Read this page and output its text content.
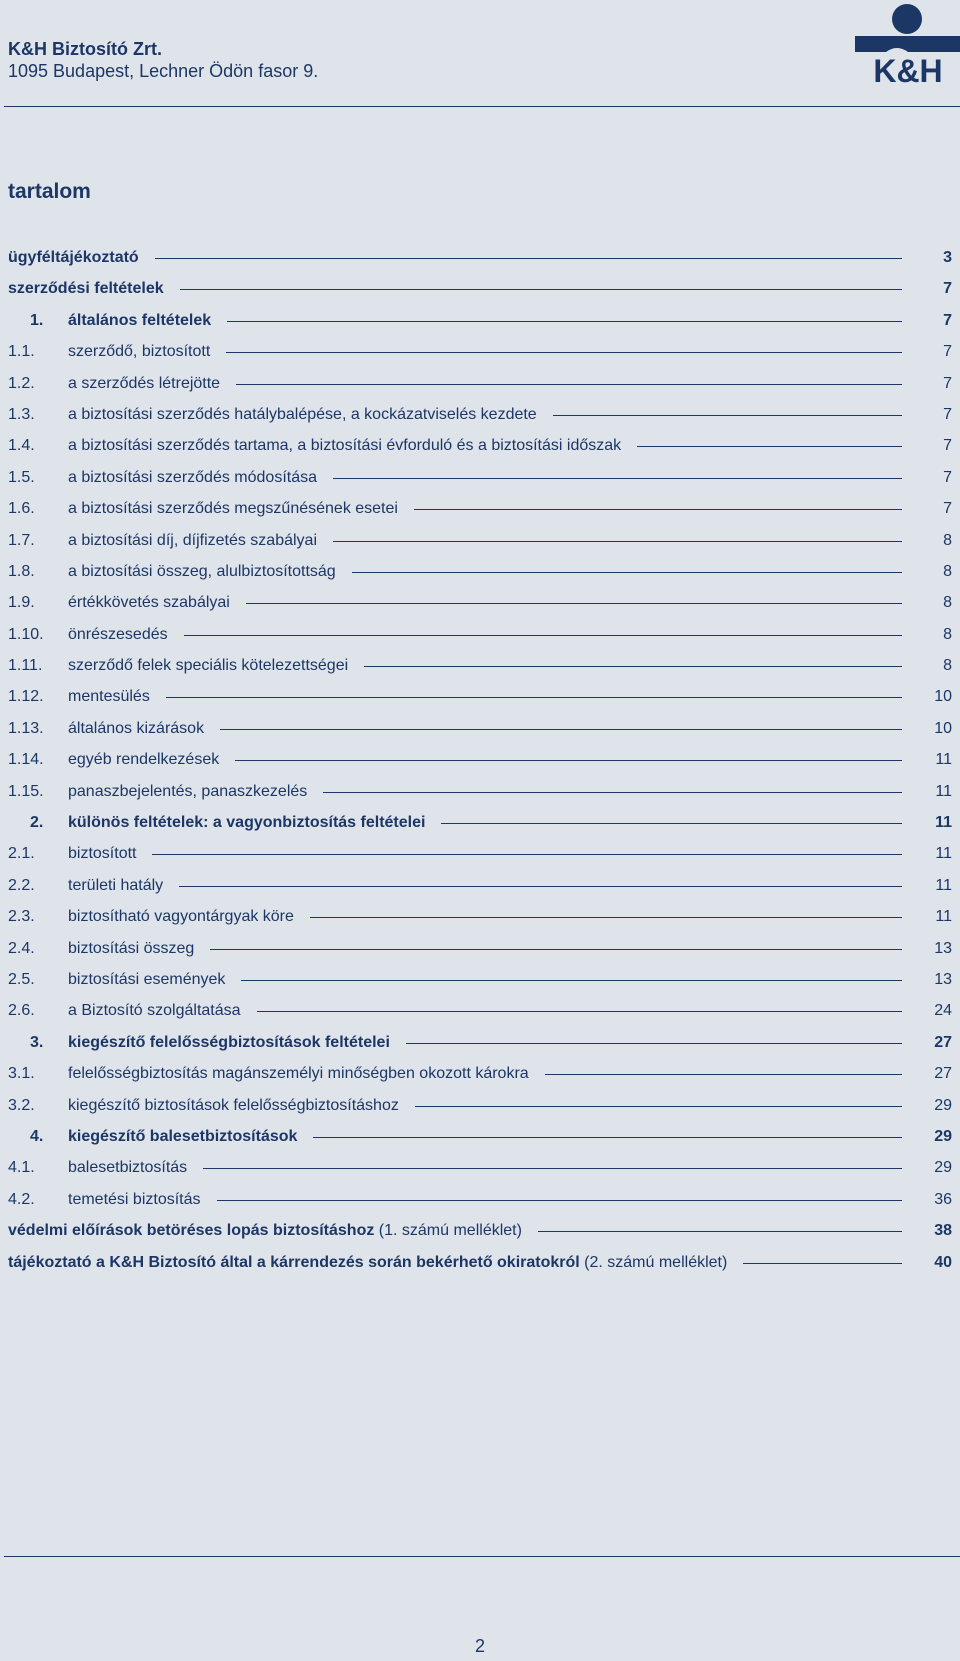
K&H Biztosító Zrt.
1095 Budapest, Lechner Ödön fasor 9.	K&H
tartalom
ügyféltájékoztató	3
szerződési feltételek	7
1.	általános feltételek	7
1.1.	szerződő, biztosított	7
1.2.	a szerződés létrejötte	7
1.3.	a biztosítási szerződés hatálybalépése, a kockázatviselés kezdete	7
1.4.	a biztosítási szerződés tartama, a biztosítási évforduló és a biztosítási időszak	7
1.5.	a biztosítási szerződés módosítása	7
1.6.	a biztosítási szerződés megszűnésének esetei	7
1.7.	a biztosítási díj, díjfizetés szabályai	8
1.8.	a biztosítási összeg, alulbiztosítottság	8
1.9.	értékkövetés szabályai	8
1.10.	önrészesedés	8
1.11.	szerződő felek speciális kötelezettségei	8
1.12.	mentesülés	10
1.13.	általános kizárások	10
1.14.	egyéb rendelkezések	11
1.15.	panaszbejelentés, panaszkezelés	11
2.	különös feltételek: a vagyonbiztosítás feltételei	11
2.1.	biztosított	11
2.2.	területi hatály	11
2.3.	biztosítható vagyontárgyak köre	11
2.4.	biztosítási összeg	13
2.5.	biztosítási események	13
2.6.	a Biztosító szolgáltatása	24
3.	kiegészítő felelősségbiztosítások feltételei	27
3.1.	felelősségbiztosítás magánszemélyi minőségben okozott károkra	27
3.2.	kiegészítő biztosítások felelősségbiztosításhoz	29
4.	kiegészítő balesetbiztosítások	29
4.1.	balesetbiztosítás	29
4.2.	temetési biztosítás	36
védelmi előírások betöréses lopás biztosításhoz (1. számú melléklet)	38
tájékoztató a K&H Biztosító által a kárrendezés során bekérhető okiratokról (2. számú melléklet)	40
2
